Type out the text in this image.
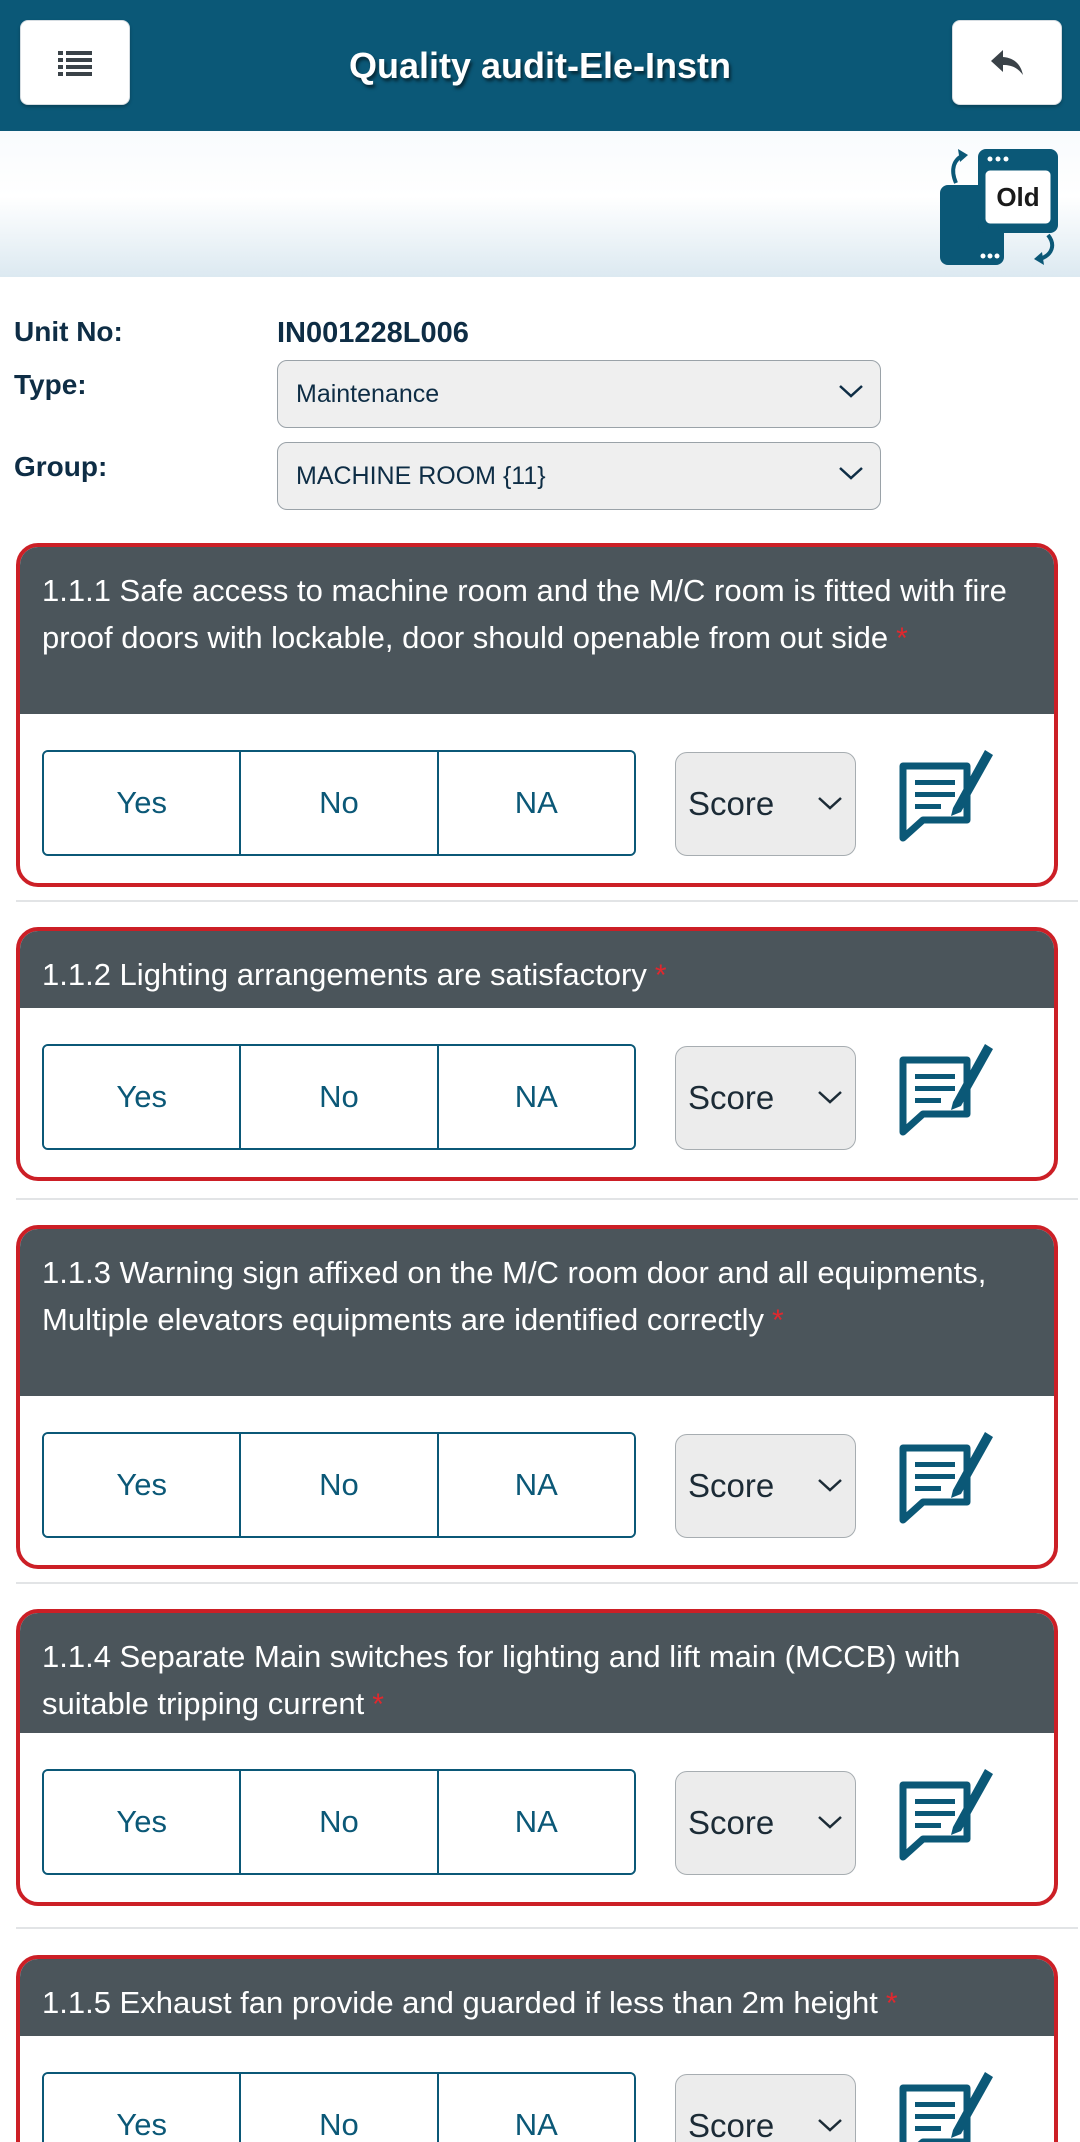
Quality audit-Ele-Instn
Old
Unit No:	IN001228L006
Type:	Maintenance
Group:	MACHINE ROOM {11}
1.1.1 Safe access to machine room and the M/C room is fitted with fire proof doors with lockable, door should openable from out side *
Yes	No	NA	Score
1.1.2 Lighting arrangements are satisfactory *
Yes	No	NA	Score
1.1.3 Warning sign affixed on the M/C room door and all equipments, Multiple elevators equipments are identified correctly *
Yes	No	NA	Score
1.1.4 Separate Main switches for lighting and lift main (MCCB) with suitable tripping current *
Yes	No	NA	Score
1.1.5 Exhaust fan provide and guarded if less than 2m height *
Yes	No	NA	Score
